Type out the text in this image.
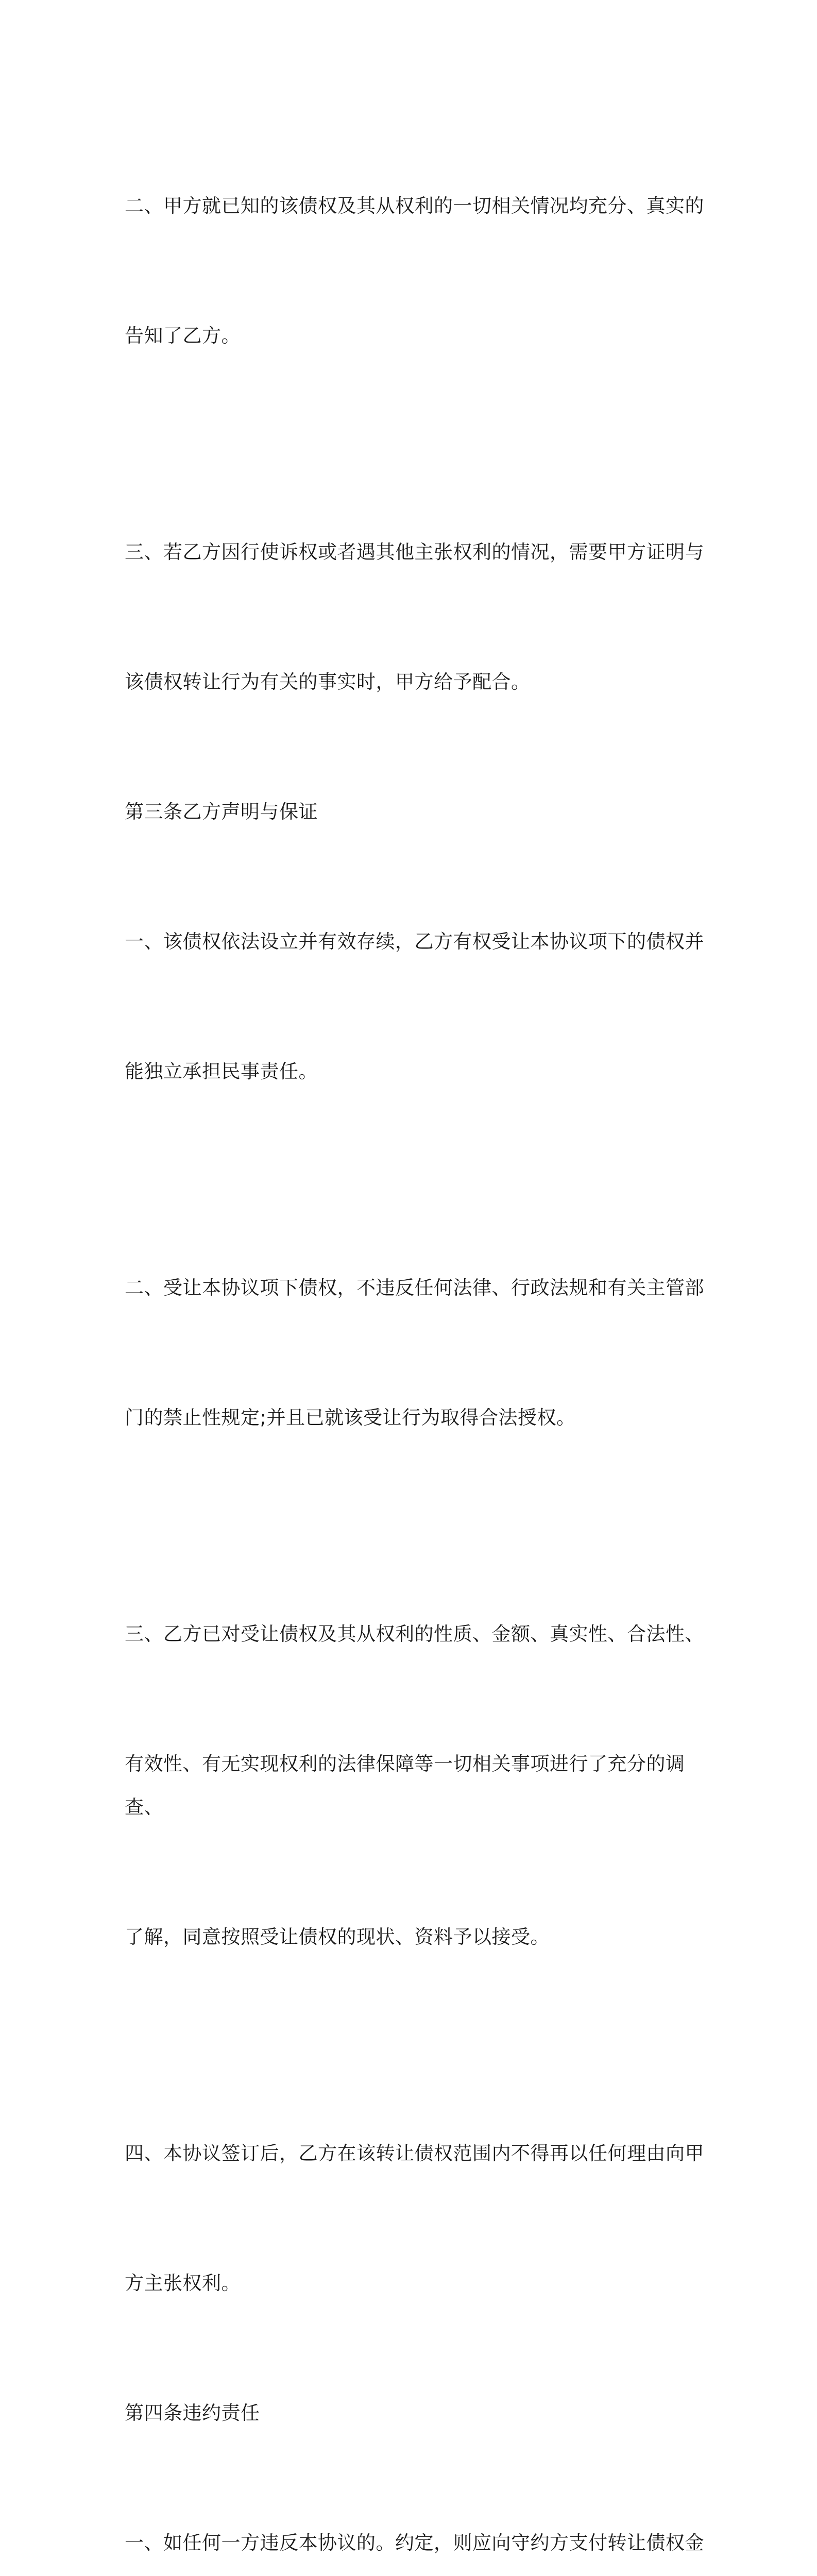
二、甲方就已知的该债权及其从权利的一切相关情况均充分、真实的

告知了乙方。

三、若乙方因行使诉权或者遇其他主张权利的情况，需要甲方证明与

该债权转让行为有关的事实时，甲方给予配合。

第三条乙方声明与保证

一、该债权依法设立并有效存续，乙方有权受让本协议项下的债权并

能独立承担民事责任。

二、受让本协议项下债权，不违反任何法律、行政法规和有关主管部

门的禁止性规定;并且已就该受让行为取得合法授权。

三、乙方已对受让债权及其从权利的性质、金额、真实性、合法性、

有效性、有无实现权利的法律保障等一切相关事项进行了充分的调查、

了解，同意按照受让债权的现状、资料予以接受。

四、本协议签订后，乙方在该转让债权范围内不得再以任何理由向甲

方主张权利。

第四条违约责任

一、如任何一方违反本协议的。约定，则应向守约方支付转让债权金
